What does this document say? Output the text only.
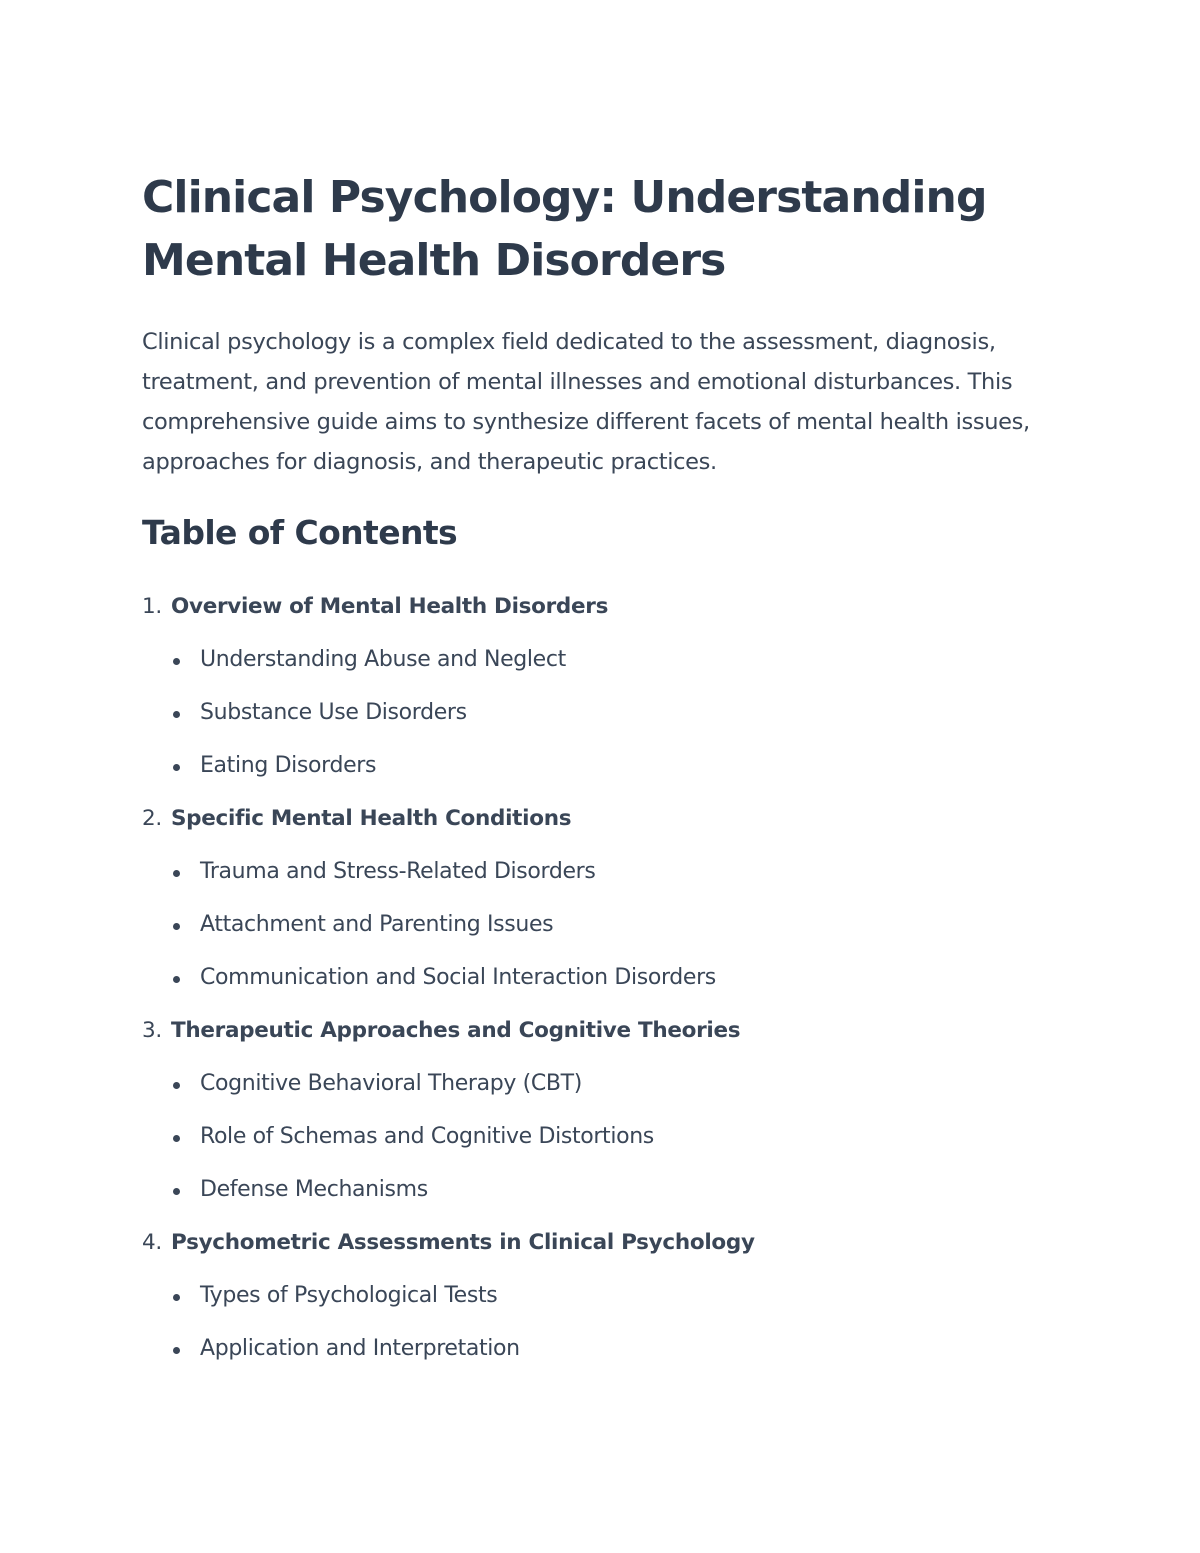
Clinical Psychology: Understanding Mental Health Disorders

Clinical psychology is a complex field dedicated to the assessment, diagnosis, treatment, and prevention of mental illnesses and emotional disturbances. This comprehensive guide aims to synthesize different facets of mental health issues, approaches for diagnosis, and therapeutic practices.

Table of Contents
1. Overview of Mental Health Disorders
Understanding Abuse and Neglect
Substance Use Disorders
Eating Disorders
2. Specific Mental Health Conditions
Trauma and Stress-Related Disorders
Attachment and Parenting Issues
Communication and Social Interaction Disorders
3. Therapeutic Approaches and Cognitive Theories
Cognitive Behavioral Therapy (CBT)
Role of Schemas and Cognitive Distortions
Defense Mechanisms
4. Psychometric Assessments in Clinical Psychology
Types of Psychological Tests
Application and Interpretation
